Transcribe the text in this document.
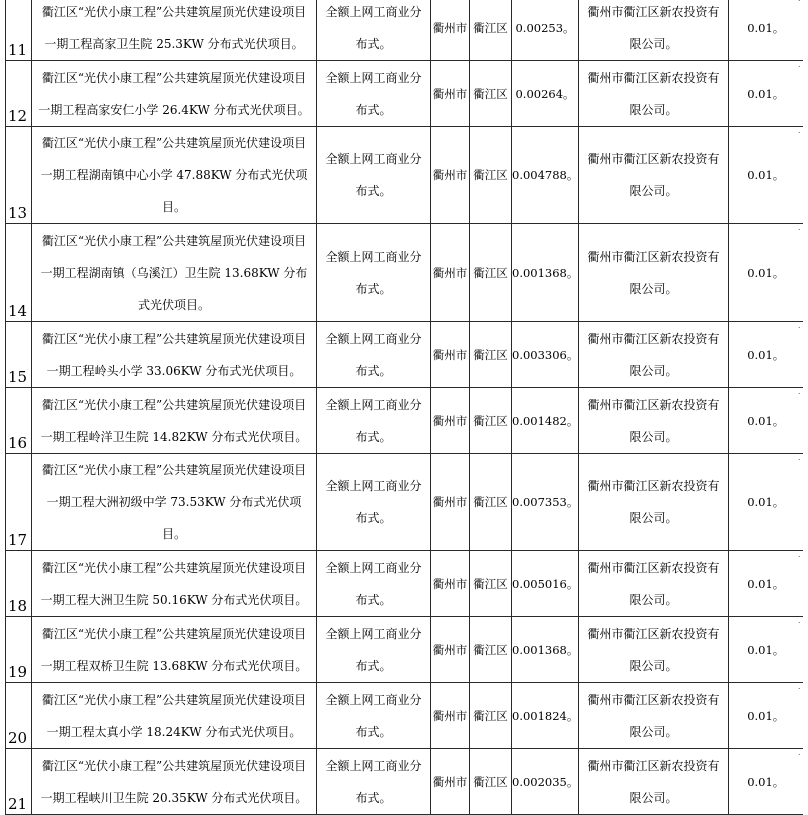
11	衢江区“光伏小康工程”公共建筑屋顶光伏建设项目一期工程高家卫生院 25.3KW 分布式光伏项目。	全额上网工商业分布式。	衢州市	衢江区	0.00253。	衢州市衢江区新农投资有限公司。	0.01。
˙

12	衢江区“光伏小康工程”公共建筑屋顶光伏建设项目一期工程高家安仁小学 26.4KW 分布式光伏项目。	全额上网工商业分布式。	衢州市	衢江区	0.00264。	衢州市衢江区新农投资有限公司。	0.01。
˙

13	衢江区“光伏小康工程”公共建筑屋顶光伏建设项目一期工程湖南镇中心小学 47.88KW 分布式光伏项目。	全额上网工商业分布式。	衢州市	衢江区	0.004788。	衢州市衢江区新农投资有限公司。	0.01。
˙

14	衢江区“光伏小康工程”公共建筑屋顶光伏建设项目一期工程湖南镇（乌溪江）卫生院 13.68KW 分布式光伏项目。	全额上网工商业分布式。	衢州市	衢江区	0.001368。	衢州市衢江区新农投资有限公司。	0.01。
˙

15	衢江区“光伏小康工程”公共建筑屋顶光伏建设项目一期工程岭头小学 33.06KW 分布式光伏项目。	全额上网工商业分布式。	衢州市	衢江区	0.003306。	衢州市衢江区新农投资有限公司。	0.01。
˙

16	衢江区“光伏小康工程”公共建筑屋顶光伏建设项目一期工程岭洋卫生院 14.82KW 分布式光伏项目。	全额上网工商业分布式。	衢州市	衢江区	0.001482。	衢州市衢江区新农投资有限公司。	0.01。
˙

17	衢江区“光伏小康工程”公共建筑屋顶光伏建设项目一期工程大洲初级中学 73.53KW 分布式光伏项目。	全额上网工商业分布式。	衢州市	衢江区	0.007353。	衢州市衢江区新农投资有限公司。	0.01。
˙

18	衢江区“光伏小康工程”公共建筑屋顶光伏建设项目一期工程大洲卫生院 50.16KW 分布式光伏项目。	全额上网工商业分布式。	衢州市	衢江区	0.005016。	衢州市衢江区新农投资有限公司。	0.01。
˙

19	衢江区“光伏小康工程”公共建筑屋顶光伏建设项目一期工程双桥卫生院 13.68KW 分布式光伏项目。	全额上网工商业分布式。	衢州市	衢江区	0.001368。	衢州市衢江区新农投资有限公司。	0.01。
˙

20	衢江区“光伏小康工程”公共建筑屋顶光伏建设项目一期工程太真小学 18.24KW 分布式光伏项目。	全额上网工商业分布式。	衢州市	衢江区	0.001824。	衢州市衢江区新农投资有限公司。	0.01。
˙

21	衢江区“光伏小康工程”公共建筑屋顶光伏建设项目一期工程峡川卫生院 20.35KW 分布式光伏项目。	全额上网工商业分布式。	衢州市	衢江区	0.002035。	衢州市衢江区新农投资有限公司。	0.01。
˙
